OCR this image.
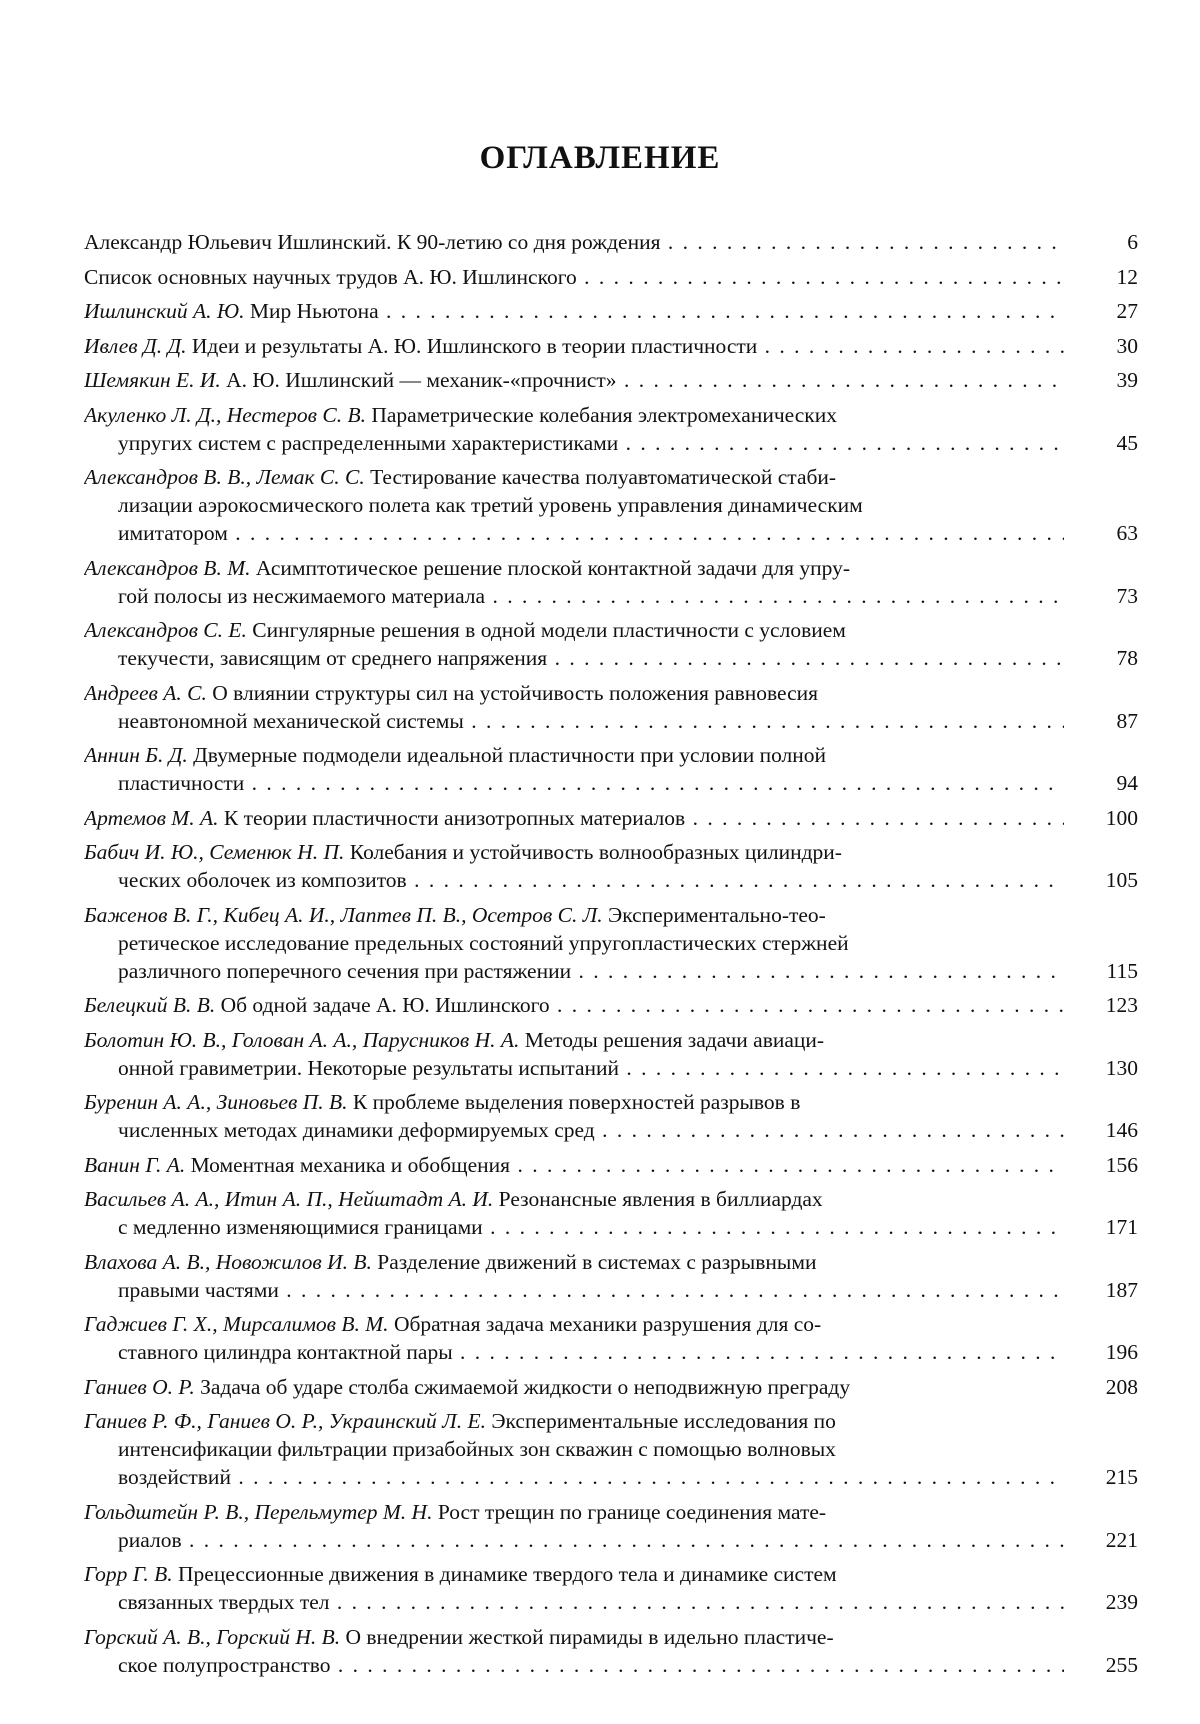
ОГЛАВЛЕНИЕ
Александр Юльевич Ишлинский. К 90-летию со дня рождения . . .	6
Список основных научных трудов А. Ю. Ишлинского . . .	12
Ишлинский А. Ю. Мир Ньютона . . .	27
Ивлев Д. Д. Идеи и результаты А. Ю. Ишлинского в теории пластичности . . .	30
Шемякин Е. И. А. Ю. Ишлинский — механик-«прочнист» . . .	39
Акуленко Л. Д., Нестеров С. В. Параметрические колебания электромеханических
упругих систем с распределенными характеристиками . . .	45
Александров В. В., Лемак С. С. Тестирование качества полуавтоматической стаби-
лизации аэрокосмического полета как третий уровень управления динамическим
имитатором . . .	63
Александров В. М. Асимптотическое решение плоской контактной задачи для упру-
гой полосы из несжимаемого материала . . .	73
Александров С. Е. Сингулярные решения в одной модели пластичности с условием
текучести, зависящим от среднего напряжения . . .	78
Андреев А. С. О влиянии структуры сил на устойчивость положения равновесия
неавтономной механической системы . . .	87
Аннин Б. Д. Двумерные подмодели идеальной пластичности при условии полной
пластичности . . .	94
Артемов М. А. К теории пластичности анизотропных материалов . . .	100
Бабич И. Ю., Семенюк Н. П. Колебания и устойчивость волнообразных цилиндри-
ческих оболочек из композитов . . .	105
Баженов В. Г., Кибец А. И., Лаптев П. В., Осетров С. Л. Экспериментально-тео-
ретическое исследование предельных состояний упругопластических стержней
различного поперечного сечения при растяжении . . .	115
Белецкий В. В. Об одной задаче А. Ю. Ишлинского . . .	123
Болотин Ю. В., Голован А. А., Парусников Н. А. Методы решения задачи авиаци-
онной гравиметрии. Некоторые результаты испытаний . . .	130
Буренин А. А., Зиновьев П. В. К проблеме выделения поверхностей разрывов в
численных методах динамики деформируемых сред . . .	146
Ванин Г. А. Моментная механика и обобщения . . .	156
Васильев А. А., Итин А. П., Нейштадт А. И. Резонансные явления в биллиардах
с медленно изменяющимися границами . . .	171
Влахова А. В., Новожилов И. В. Разделение движений в системах с разрывными
правыми частями . . .	187
Гаджиев Г. Х., Мирсалимов В. М. Обратная задача механики разрушения для со-
ставного цилиндра контактной пары . . .	196
Ганиев О. Р. Задача об ударе столба сжимаемой жидкости о неподвижную преграду	208
Ганиев Р. Ф., Ганиев О. Р., Украинский Л. Е. Экспериментальные исследования по
интенсификации фильтрации призабойных зон скважин с помощью волновых
воздействий . . .	215
Гольдштейн Р. В., Перельмутер М. Н. Рост трещин по границе соединения мате-
риалов . . .	221
Горр Г. В. Прецессионные движения в динамике твердого тела и динамике систем
связанных твердых тел . . .	239
Горский А. В., Горский Н. В. О внедрении жесткой пирамиды в идельно пластиче-
ское полупространство . . .	255
